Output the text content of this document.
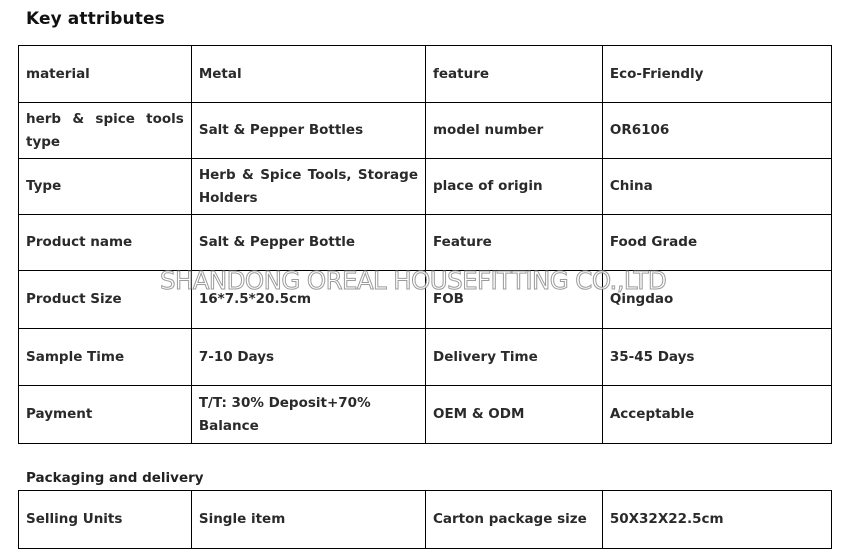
Key attributes
material	Metal	feature	Eco-Friendly
herb & spice tools type	Salt & Pepper Bottles	model number	OR6106
Type	Herb & Spice Tools, Storage Holders	place of origin	China
Product name	Salt & Pepper Bottle	Feature	Food Grade
Product Size	16*7.5*20.5cm	FOB	Qingdao
Sample Time	7-10 Days	Delivery Time	35-45 Days
Payment	T/T: 30% Deposit+70% Balance	OEM & ODM	Acceptable
Packaging and delivery
Selling Units	Single item	Carton package size	50X32X22.5cm
SHANDONG OREAL HOUSEFITTING CO.,LTD
